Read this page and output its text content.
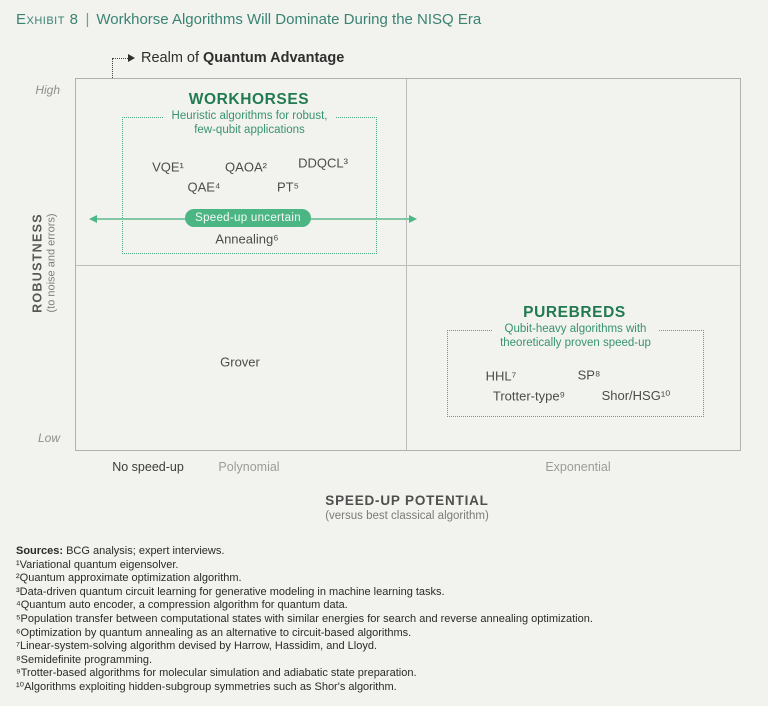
Exhibit 8 | Workhorse Algorithms Will Dominate During the NISQ Era
Realm of Quantum Advantage
High
Low
ROBUSTNESS (to noise and errors)
No speed-up	Polynomial	Exponential
SPEED-UP POTENTIAL
(versus best classical algorithm)
WORKHORSES
Heuristic algorithms for robust,
few-qubit applications
VQE¹	QAOA² DDQCL³
QAE⁴	PT⁵
Speed-up uncertain
Annealing⁶
Grover
PUREBREDS
Qubit-heavy algorithms with
theoretically proven speed-up
HHL⁷	SP⁸
Trotter-type⁹	Shor/HSG¹⁰
Sources: BCG analysis; expert interviews.
¹Variational quantum eigensolver.
²Quantum approximate optimization algorithm.
³Data-driven quantum circuit learning for generative modeling in machine learning tasks.
⁴Quantum auto encoder, a compression algorithm for quantum data.
⁵Population transfer between computational states with similar energies for search and reverse annealing optimization.
⁶Optimization by quantum annealing as an alternative to circuit-based algorithms.
⁷Linear-system-solving algorithm devised by Harrow, Hassidim, and Lloyd.
⁸Semidefinite programming.
⁹Trotter-based algorithms for molecular simulation and adiabatic state preparation.
¹⁰Algorithms exploiting hidden-subgroup symmetries such as Shor's algorithm.
